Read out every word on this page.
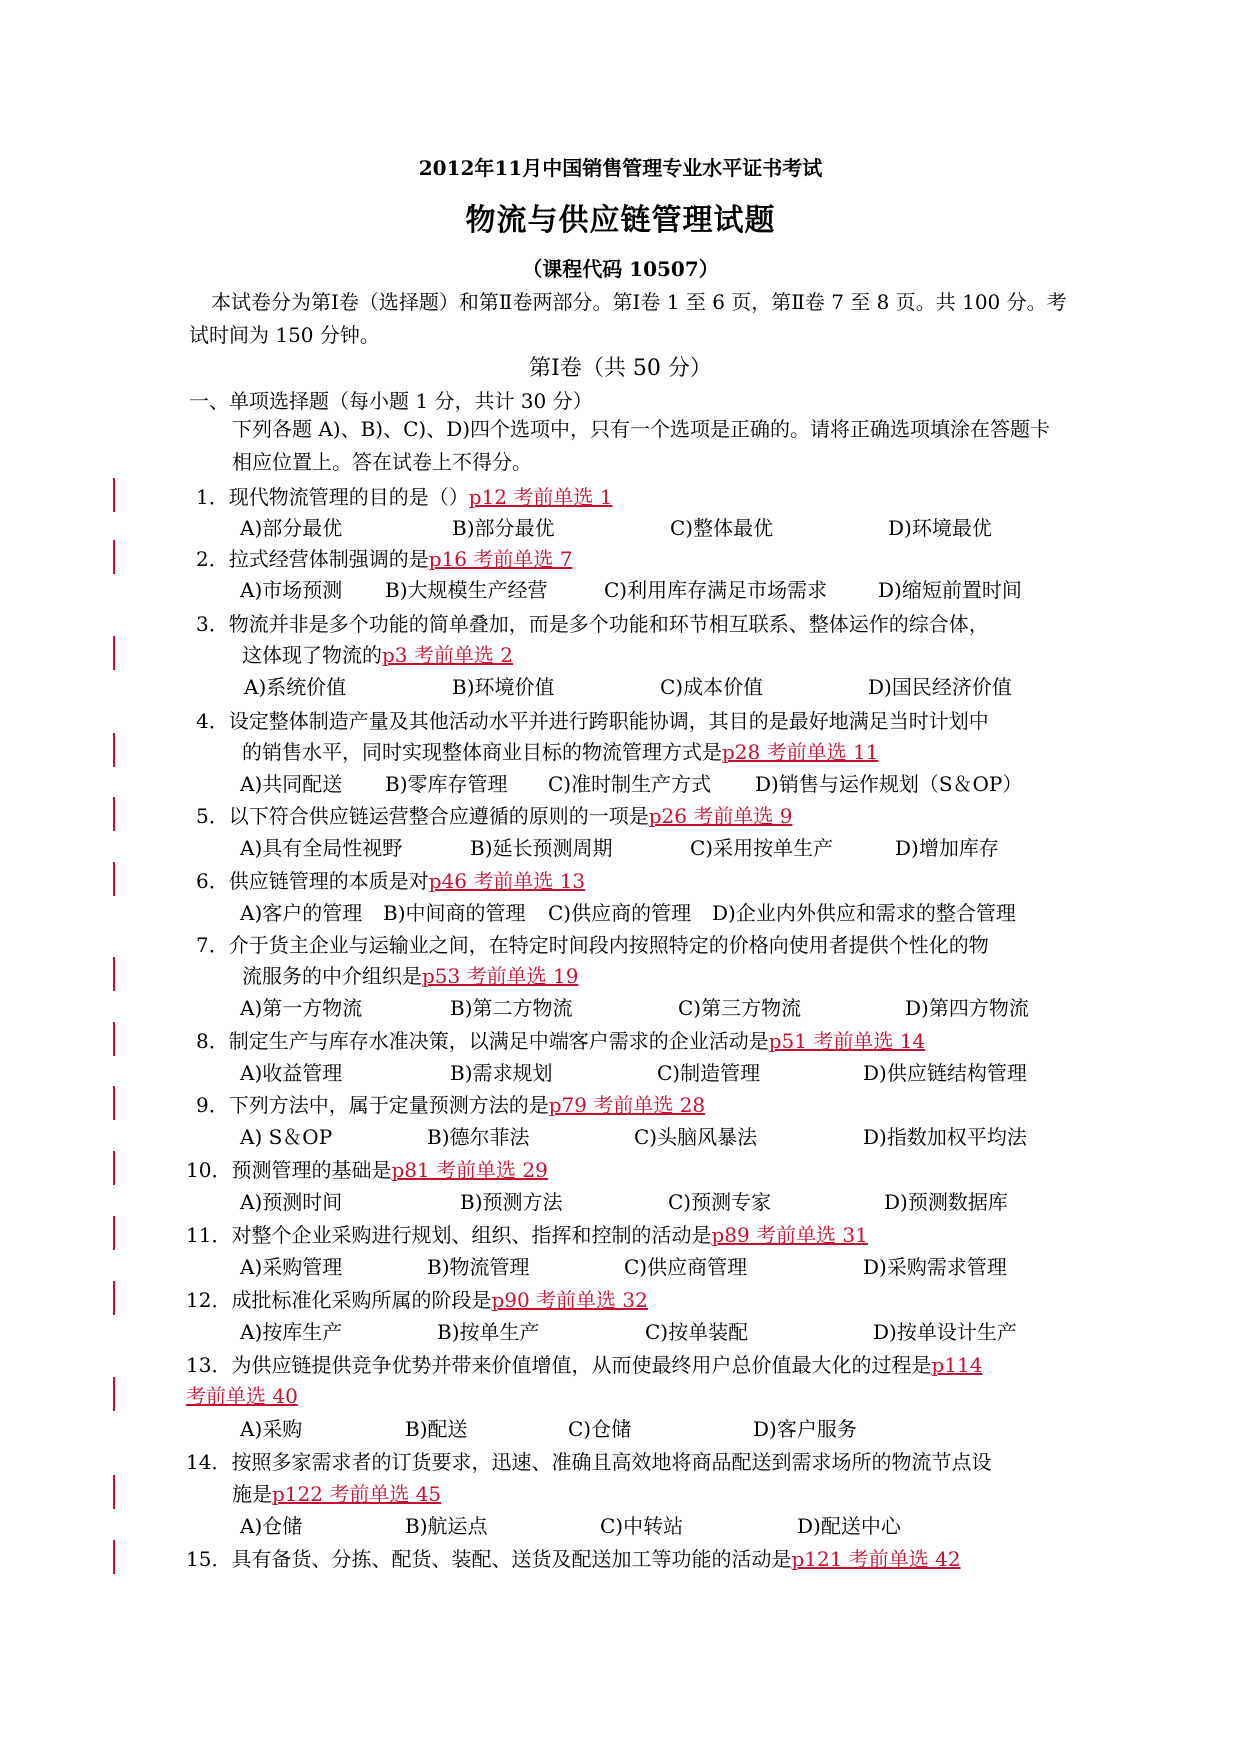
2012年11月中国销售管理专业水平证书考试
物流与供应链管理试题
（课程代码 10507）
本试卷分为第Ⅰ卷（选择题）和第Ⅱ卷两部分。第Ⅰ卷 1 至 6 页，第Ⅱ卷 7 至 8 页。共 100 分。考试时间为 150 分钟。
第Ⅰ卷（共 50 分）
一、单项选择题（每小题 1 分，共计 30 分）
下列各题 A)、B)、C)、D)四个选项中，只有一个选项是正确的。请将正确选项填涂在答题卡相应位置上。答在试卷上不得分。
1．现代物流管理的目的是（）p12 考前单选 1
A)部分最优	B)部分最优	C)整体最优	D)环境最优
2．拉式经营体制强调的是p16 考前单选 7
A)市场预测 B)大规模生产经营	C)利用库存满足市场需求	D)缩短前置时间
3．物流并非是多个功能的简单叠加，而是多个功能和环节相互联系、整体运作的综合体，
这体现了物流的p3 考前单选 2
A)系统价值	B)环境价值	C)成本价值	D)国民经济价值
4．设定整体制造产量及其他活动水平并进行跨职能协调，其目的是最好地满足当时计划中
的销售水平，同时实现整体商业目标的物流管理方式是p28 考前单选 11
A)共同配送 B)零库存管理 C)准时制生产方式 D)销售与运作规划（S＆OP）
5．以下符合供应链运营整合应遵循的原则的一项是p26 考前单选 9
A)具有全局性视野	B)延长预测周期	C)采用按单生产	D)增加库存
6．供应链管理的本质是对p46 考前单选 13
A)客户的管理 B)中间商的管理 C)供应商的管理 D)企业内外供应和需求的整合管理
7．介于货主企业与运输业之间，在特定时间段内按照特定的价格向使用者提供个性化的物
流服务的中介组织是p53 考前单选 19
A)第一方物流	B)第二方物流	C)第三方物流	D)第四方物流
8．制定生产与库存水准决策，以满足中端客户需求的企业活动是p51 考前单选 14
A)收益管理	B)需求规划	C)制造管理	D)供应链结构管理
9．下列方法中，属于定量预测方法的是p79 考前单选 28
A) S＆OP	B)德尔菲法	C)头脑风暴法	D)指数加权平均法
10．预测管理的基础是p81 考前单选 29
A)预测时间	B)预测方法	C)预测专家	D)预测数据库
11．对整个企业采购进行规划、组织、指挥和控制的活动是p89 考前单选 31
A)采购管理	B)物流管理	C)供应商管理	D)采购需求管理
12．成批标准化采购所属的阶段是p90 考前单选 32
A)按库生产	B)按单生产	C)按单装配	D)按单设计生产
13．为供应链提供竞争优势并带来价值增值，从而使最终用户总价值最大化的过程是p114
考前单选 40
A)采购	B)配送	C)仓储	D)客户服务
14．按照多家需求者的订货要求，迅速、准确且高效地将商品配送到需求场所的物流节点设
施是p122 考前单选 45
A)仓储	B)航运点	C)中转站	D)配送中心
15．具有备货、分拣、配货、装配、送货及配送加工等功能的活动是p121 考前单选 42
